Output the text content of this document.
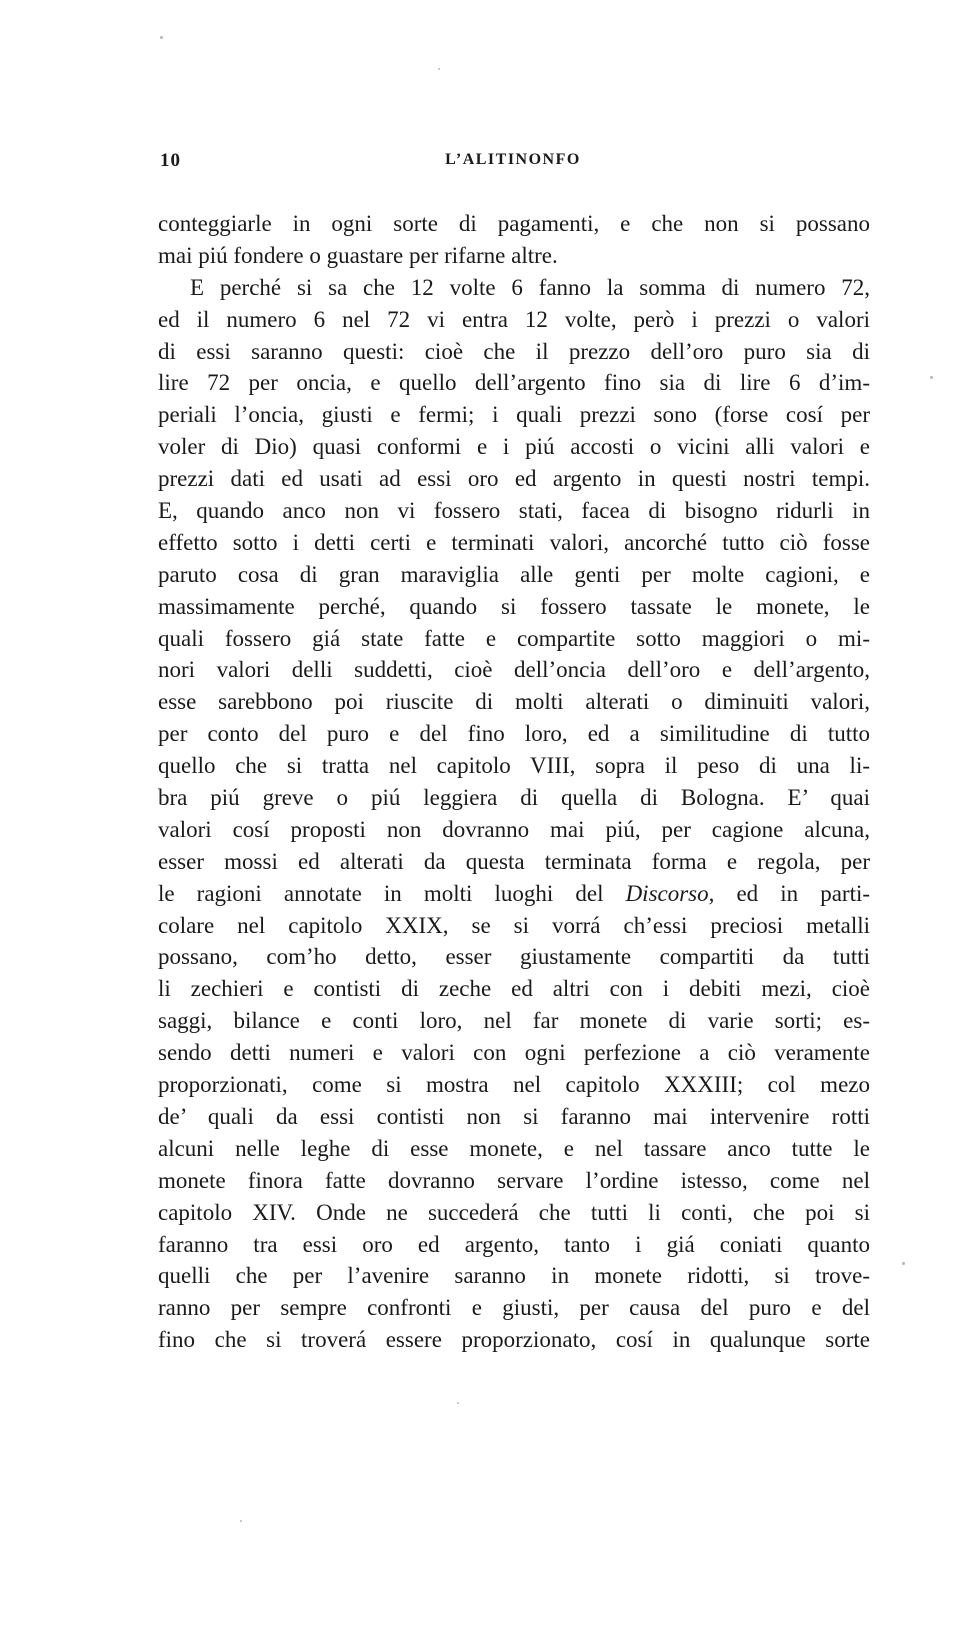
10	L’ALITINONFO
conteggiarle in ogni sorte di pagamenti, e che non si possano
mai piú fondere o guastare per rifarne altre.
E perché si sa che 12 volte 6 fanno la somma di numero 72,
ed il numero 6 nel 72 vi entra 12 volte, però i prezzi o valori
di essi saranno questi: cioè che il prezzo dell’oro puro sia di
lire 72 per oncia, e quello dell’argento fino sia di lire 6 d’im-
periali l’oncia, giusti e fermi; i quali prezzi sono (forse cosí per
voler di Dio) quasi conformi e i piú accosti o vicini alli valori e
prezzi dati ed usati ad essi oro ed argento in questi nostri tempi.
E, quando anco non vi fossero stati, facea di bisogno ridurli in
effetto sotto i detti certi e terminati valori, ancorché tutto ciò fosse
paruto cosa di gran maraviglia alle genti per molte cagioni, e
massimamente perché, quando si fossero tassate le monete, le
quali fossero giá state fatte e compartite sotto maggiori o mi-
nori valori delli suddetti, cioè dell’oncia dell’oro e dell’argento,
esse sarebbono poi riuscite di molti alterati o diminuiti valori,
per conto del puro e del fino loro, ed a similitudine di tutto
quello che si tratta nel capitolo VIII, sopra il peso di una li-
bra piú greve o piú leggiera di quella di Bologna. E’ quai
valori cosí proposti non dovranno mai piú, per cagione alcuna,
esser mossi ed alterati da questa terminata forma e regola, per
le ragioni annotate in molti luoghi del Discorso, ed in parti-
colare nel capitolo XXIX, se si vorrá ch’essi preciosi metalli
possano, com’ho detto, esser giustamente compartiti da tutti
li zechieri e contisti di zeche ed altri con i debiti mezi, cioè
saggi, bilance e conti loro, nel far monete di varie sorti; es-
sendo detti numeri e valori con ogni perfezione a ciò veramente
proporzionati, come si mostra nel capitolo XXXIII; col mezo
de’ quali da essi contisti non si faranno mai intervenire rotti
alcuni nelle leghe di esse monete, e nel tassare anco tutte le
monete finora fatte dovranno servare l’ordine istesso, come nel
capitolo XIV. Onde ne succederá che tutti li conti, che poi si
faranno tra essi oro ed argento, tanto i giá coniati quanto
quelli che per l’avenire saranno in monete ridotti, si trove-
ranno per sempre confronti e giusti, per causa del puro e del
fino che si troverá essere proporzionato, cosí in qualunque sorte
